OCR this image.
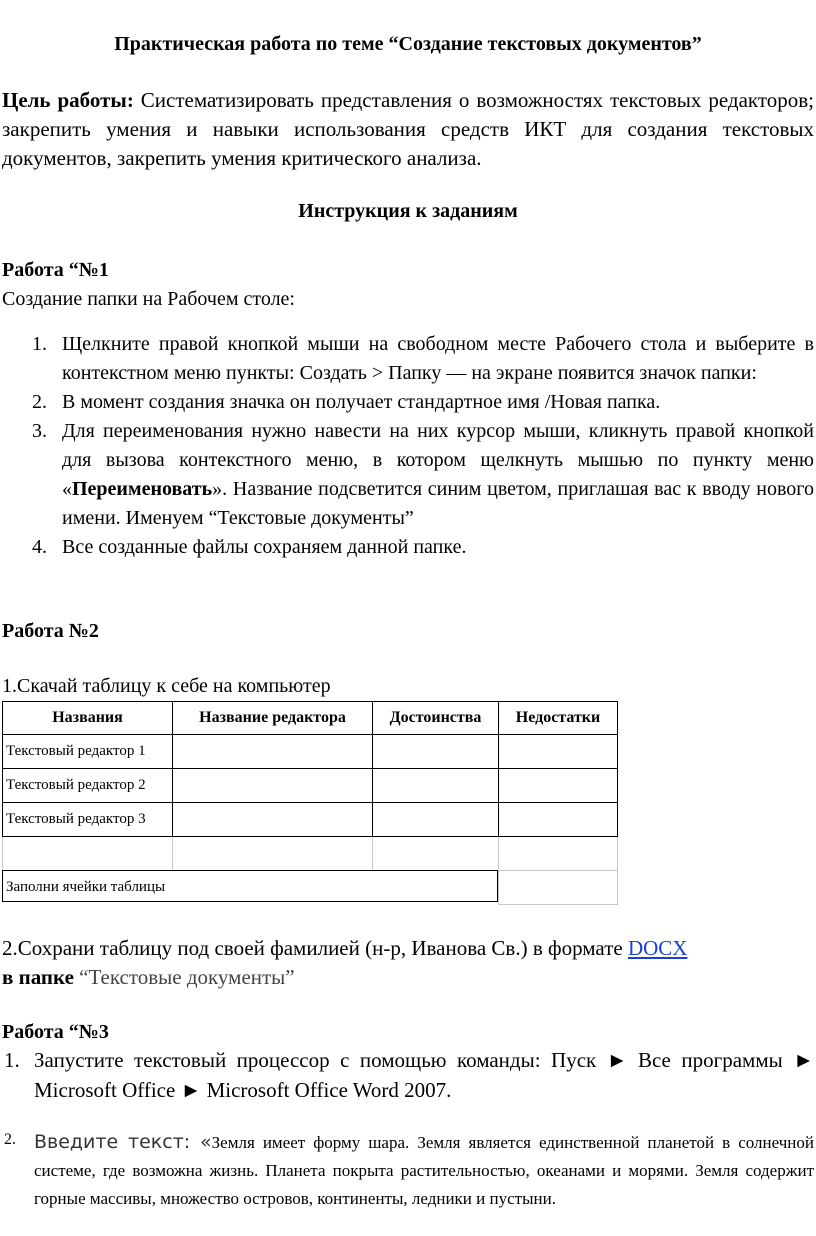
Практическая работа по теме “Создание текстовых документов”
Цель работы: Систематизировать представления о возможностях текстовых редакторов; закрепить умения и навыки использования средств ИКТ для создания текстовых документов, закрепить умения критического анализа.
Инструкция к заданиям
Работа “№1
Создание папки на Рабочем столе:
1. Щелкните правой кнопкой мыши на свободном месте Рабочего стола и выберите в контекстном меню пункты: Создать > Папку — на экране появится значок папки:
2. В момент создания значка он получает стандартное имя /Новая папка.
3. Для переименования нужно навести на них курсор мыши, кликнуть правой кнопкой для вызова контекстного меню, в котором щелкнуть мышью по пункту меню «Переименовать». Название подсветится синим цветом, приглашая вас к вводу нового имени. Именуем “Текстовые документы”
4. Все созданные файлы сохраняем данной папке.
Работа №2
1.Скачай таблицу к себе на компьютер
Названия	Название редактора	Достоинства	Недостатки
Текстовый редактор 1			
Текстовый редактор 2			
Текстовый редактор 3			

Заполни ячейки таблицы
2.Сохрани таблицу под своей фамилией (н-р, Иванова Св.) в формате DOCX
в папке “Текстовые документы”
Работа “№3
1. Запустите текстовый процессор с помощью команды: Пуск ► Все программы ► Microsoft Office ► Microsoft Office Word 2007.
2. Введите текст: «Земля имеет форму шара. Земля является единственной планетой в солнечной системе, где возможна жизнь. Планета покрыта растительностью, океанами и морями. Земля содержит горные массивы, множество островов, континенты, ледники и пустыни.
